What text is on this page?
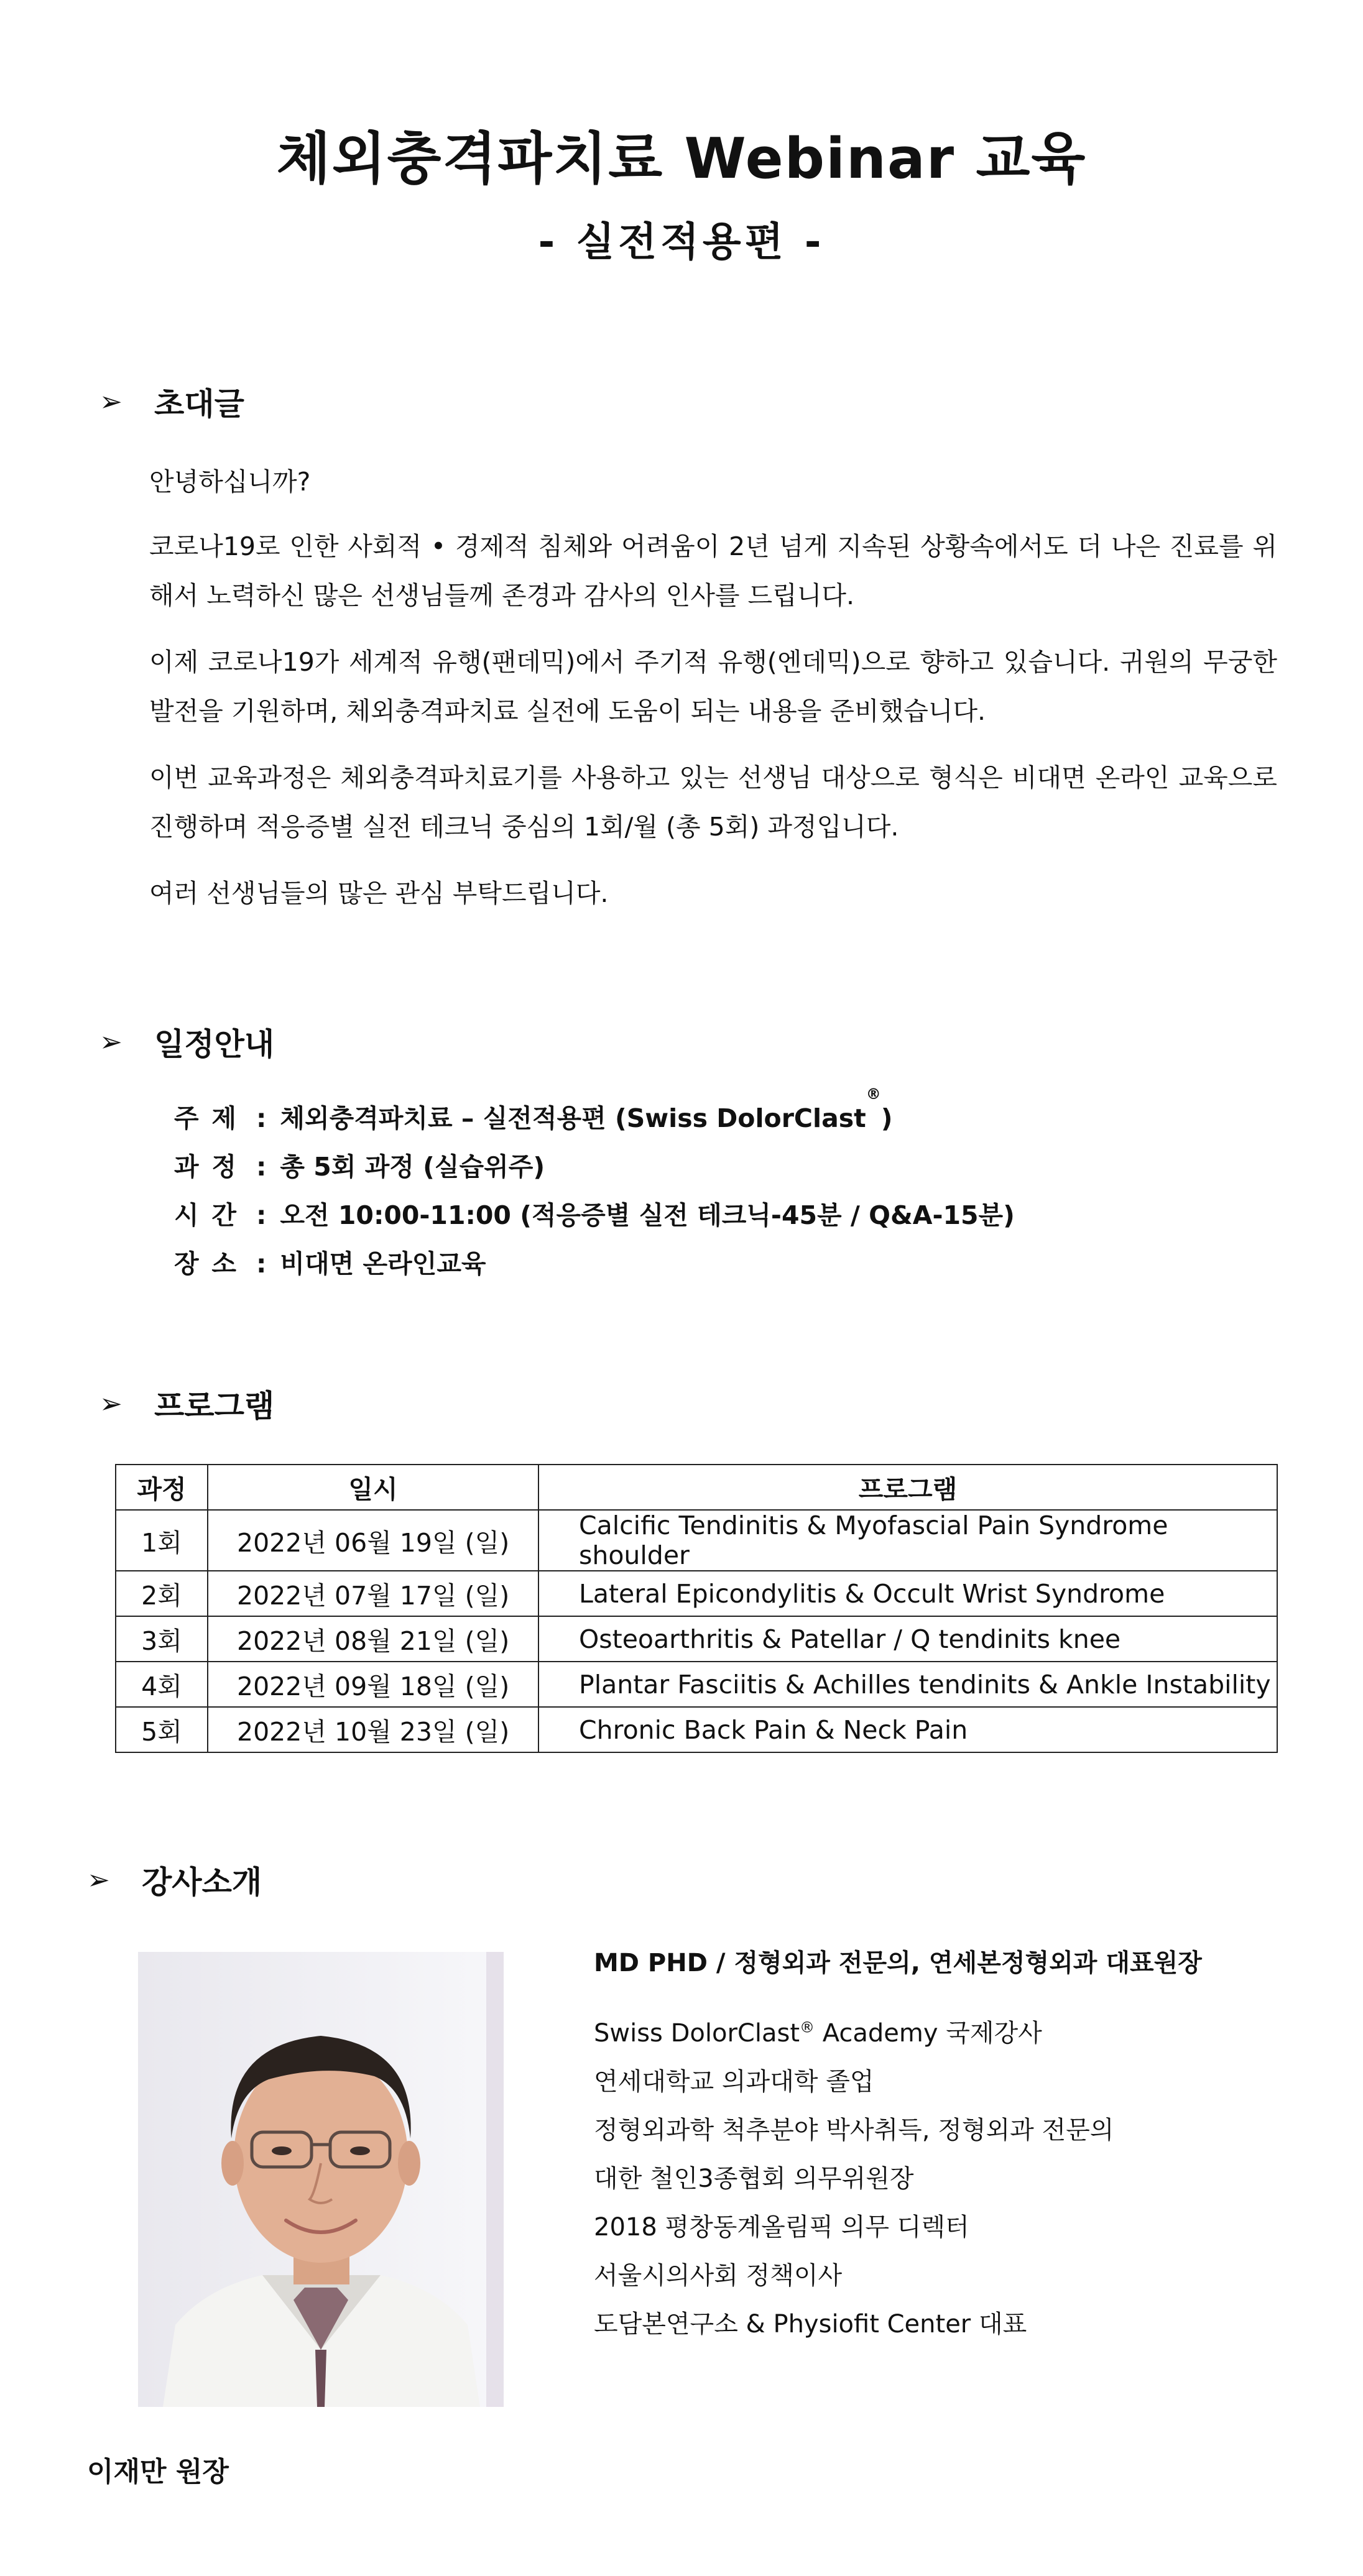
체외충격파치료 Webinar 교육
- 실전적용편 -
➢ 초대글
안녕하십니까?
코로나19로 인한 사회적 • 경제적 침체와 어려움이 2년 넘게 지속된 상황속에서도 더 나은 진료를 위해서 노력하신 많은 선생님들께 존경과 감사의 인사를 드립니다.
이제 코로나19가 세계적 유행(팬데믹)에서 주기적 유행(엔데믹)으로 향하고 있습니다. 귀원의 무궁한 발전을 기원하며, 체외충격파치료 실전에 도움이 되는 내용을 준비했습니다.
이번 교육과정은 체외충격파치료기를 사용하고 있는 선생님 대상으로 형식은 비대면 온라인 교육으로 진행하며 적응증별 실전 테크닉 중심의 1회/월 (총 5회) 과정입니다.
여러 선생님들의 많은 관심 부탁드립니다.
➢ 일정안내
주 제 : 체외충격파치료 – 실전적용편 (Swiss DolorClast
®
)
과 정 : 총 5회 과정 (실습위주)
시 간 : 오전 10:00-11:00 (적응증별 실전 테크닉-45분 / Q&A-15분)
장 소 : 비대면 온라인교육
➢ 프로그램
과정	일시	프로그램
1회	2022년 06월 19일 (일)	Calcific Tendinitis & Myofascial Pain Syndrome shoulder
2회	2022년 07월 17일 (일)	Lateral Epicondylitis & Occult Wrist Syndrome
3회	2022년 08월 21일 (일)	Osteoarthritis & Patellar / Q tendinits knee
4회	2022년 09월 18일 (일)	Plantar Fasciitis & Achilles tendinits & Ankle Instability
5회	2022년 10월 23일 (일)	Chronic Back Pain & Neck Pain
➢ 강사소개
MD PHD / 정형외과 전문의, 연세본정형외과 대표원장
Swiss DolorClast® Academy 국제강사
연세대학교 의과대학 졸업
정형외과학 척추분야 박사취득, 정형외과 전문의
대한 철인3종협회 의무위원장
2018 평창동계올림픽 의무 디렉터
서울시의사회 정책이사
도담본연구소 & Physiofit Center 대표
이재만 원장
